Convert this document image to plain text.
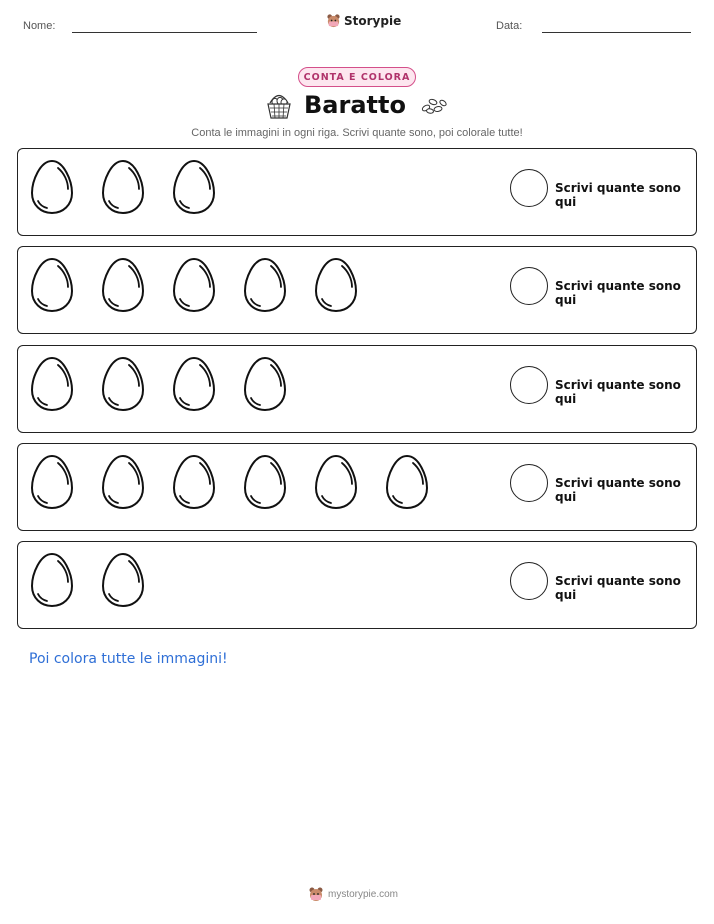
Nome:	Storypie	Data:
CONTA E COLORA
Baratto
Conta le immagini in ogni riga. Scrivi quante sono, poi colorale tutte!
Scrivi quante sono qui
Scrivi quante sono qui
Scrivi quante sono qui
Scrivi quante sono qui
Scrivi quante sono qui
Poi colora tutte le immagini!
mystorypie.com
